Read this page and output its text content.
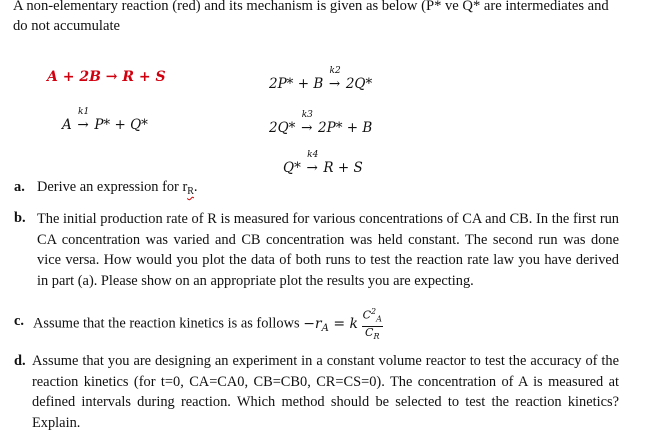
A non-elementary reaction (red) and its mechanism is given as below (P* ve Q* are intermediates and
do not accumulate
A + 2B → R + S
A
k1
→ P* + Q*
2P* + B
k2
→ 2Q*
2Q*
k3
→ 2P* + B
Q*
k4
→ R + S
a. Derive an expression for $r_R$.
b. The initial production rate of R is measured for various concentrations of CA and CB. In the first run CA concentration was varied and CB concentration was held constant. The second run was done vice versa. How would you plot the data of both runs to test the reaction rate law you have derived in part (a). Please show on an appropriate plot the results you are expecting.
c. Assume that the reaction kinetics is as follows $-r_A = k \frac{C^2_A}{C_R}$
d. Assume that you are designing an experiment in a constant volume reactor to test the accuracy of the reaction kinetics (for t=0, CA=CA0, CB=CB0, CR=CS=0). The concentration of A is measured at defined intervals during reaction. Which method should be selected to test the reaction kinetics? Explain.
